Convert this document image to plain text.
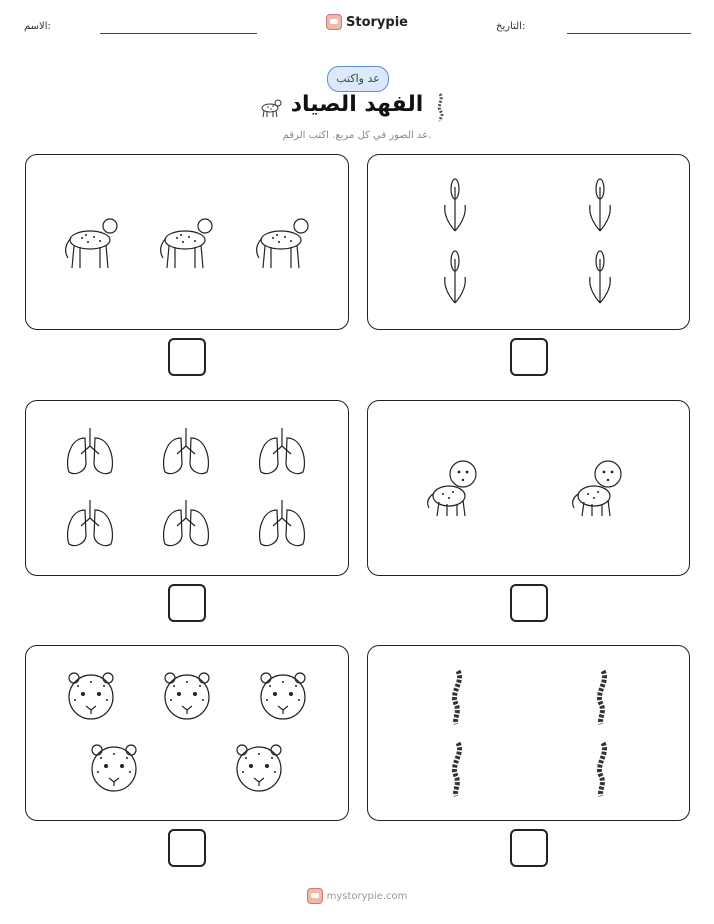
الاسم:	Storypie	التاريخ:
عد واكتب
الفهد الصياد
عد الصور في كل مربع. اكتب الرقم.
mystorypie.com
